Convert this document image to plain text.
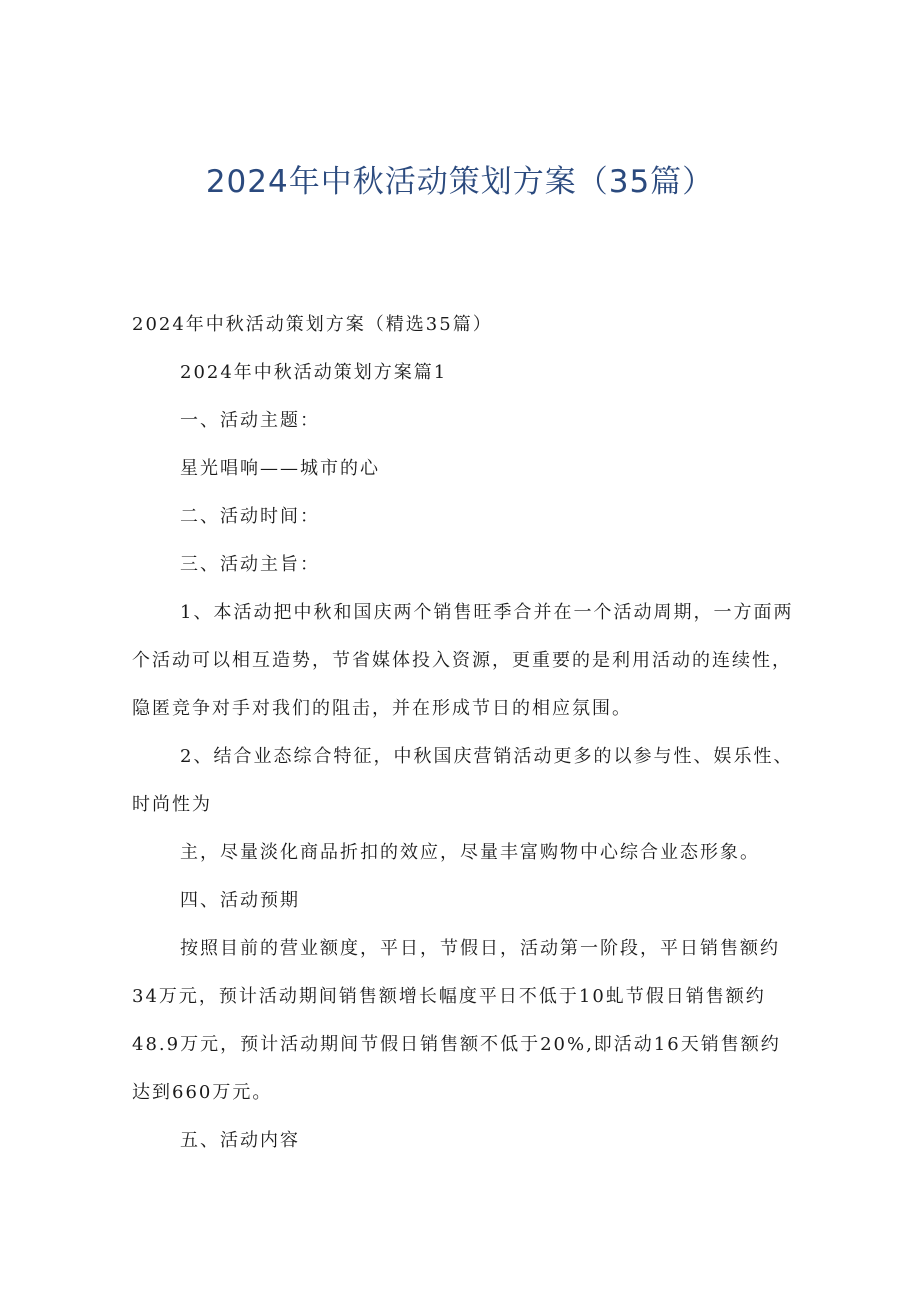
2024年中秋活动策划方案（35篇）
2024年中秋活动策划方案（精选35篇）
2024年中秋活动策划方案篇1
一、活动主题：
星光唱响——城市的心
二、活动时间：
三、活动主旨：
1、本活动把中秋和国庆两个销售旺季合并在一个活动周期，一方面两
个活动可以相互造势，节省媒体投入资源，更重要的是利用活动的连续性，
隐匿竞争对手对我们的阻击，并在形成节日的相应氛围。
2、结合业态综合特征，中秋国庆营销活动更多的以参与性、娱乐性、
时尚性为
主，尽量淡化商品折扣的效应，尽量丰富购物中心综合业态形象。
四、活动预期
按照目前的营业额度，平日，节假日，活动第一阶段，平日销售额约
34万元，预计活动期间销售额增长幅度平日不低于10虬节假日销售额约
48.9万元，预计活动期间节假日销售额不低于20%,即活动16天销售额约
达到660万元。
五、活动内容
